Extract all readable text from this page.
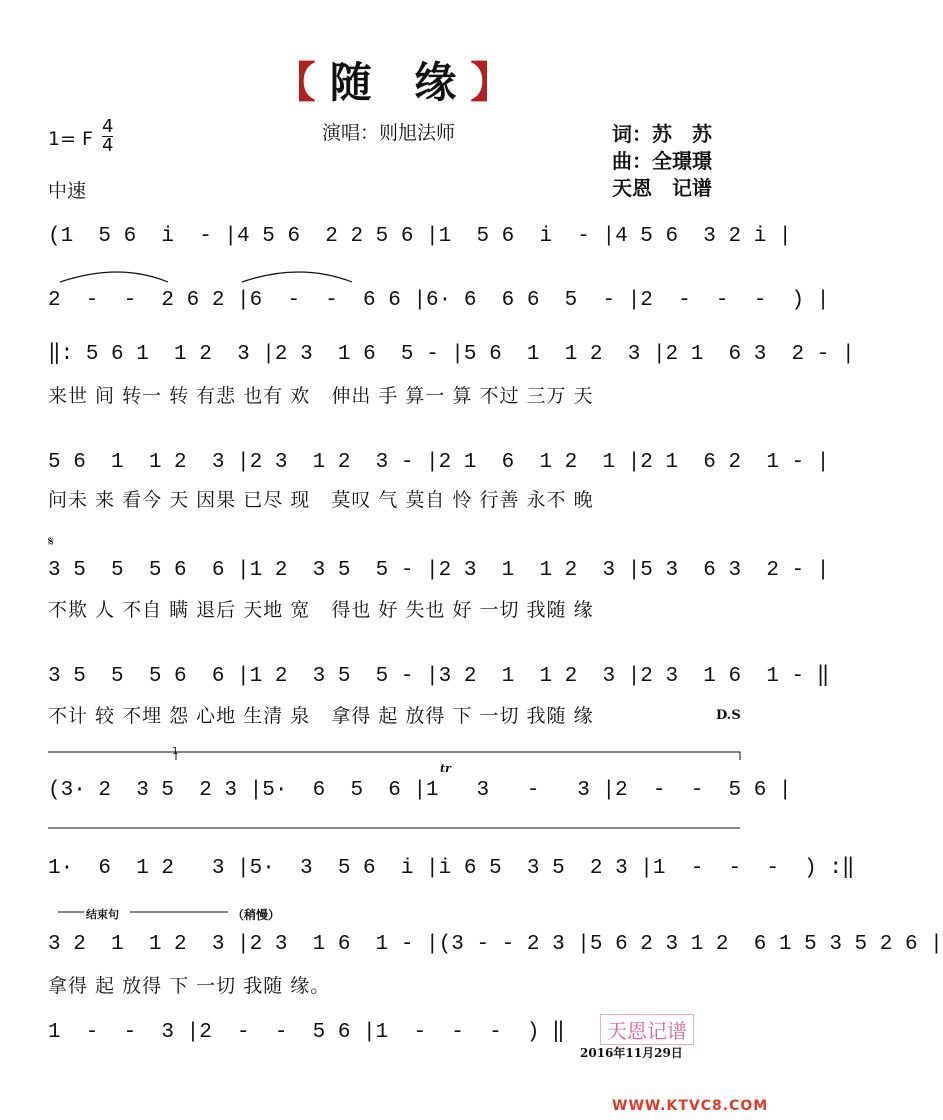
【随 缘】
1= F
4
4
中速
演唱：则旭法师	词：苏　苏
曲：全璟璟
天恩　记谱
(1  5 6  i  - |4 5 6  2 2 5 6 |1  5 6  i  - |4 5 6  3 2 i |
2  -  -  2 6 2 |6  -  -  6 6 |6· 6  6 6  5  - |2  -  -  -  ) |
‖: 5 6 1  1 2  3 |2 3  1 6  5 - |5 6  1  1 2  3 |2 1  6 3  2 - |
来世 间 转一 转 有悲 也有 欢   伸出 手 算一 算 不过 三万 天
5 6  1  1 2  3 |2 3  1 2  3 - |2 1  6  1 2  1 |2 1  6 2  1 - |
问未 来 看今 天 因果 已尽 现   莫叹 气 莫自 怜 行善 永不 晚
𝄋
3 5  5  5 6  6 |1 2  3 5  5 - |2 3  1  1 2  3 |5 3  6 3  2 - |
不欺 人 不自 瞒 退后 天地 宽   得也 好 失也 好 一切 我随 缘
3 5  5  5 6  6 |1 2  3 5  5 - |3 2  1  1 2  3 |2 3  1 6  1 - ‖
不计 较 不埋 怨 心地 生清 泉   拿得 起 放得 下 一切 我随 缘	D.S
1
tr
(3· 2  3 5  2 3 |5·  6  5  6 |1   3   -   3 |2  -  -  5 6 |
1·  6  1 2   3 |5·  3  5 6  i |i 6 5  3 5  2 3 |1  -  -  -  ) :‖
结束句	（稍慢）
3 2  1  1 2  3 |2 3  1 6  1 - |(3 - - 2 3 |5 6 2 3 1 2  6 1 5 3 5 2 6 |
拿得 起 放得 下 一切 我随 缘。
1  -  -  3 |2  -  -  5 6 |1  -  -  -  ) ‖	天恩记谱
2016年11月29日
WWW.KTVC8.COM
